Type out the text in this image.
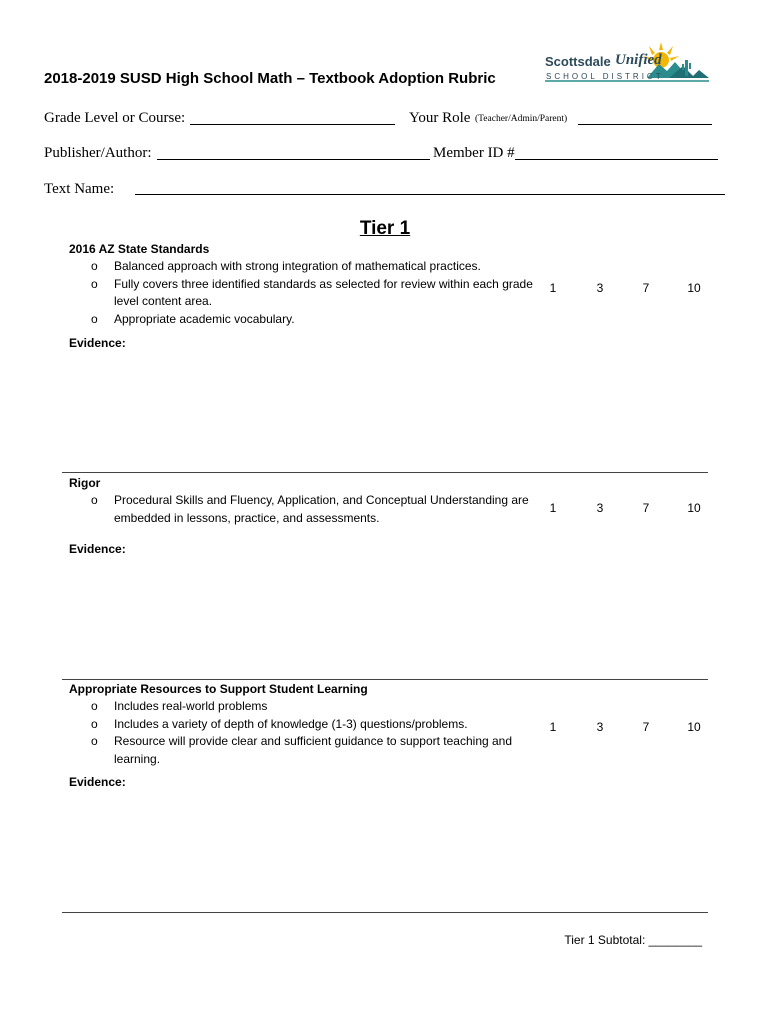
Scottsdale Unified
SCHOOL DISTRICT
2018-2019 SUSD High School Math – Textbook Adoption Rubric
Grade Level or Course:	Your Role (Teacher/Admin/Parent)
Publisher/Author:	Member ID #
Text Name:
Tier 1
2016 AZ State Standards
o Balanced approach with strong integration of mathematical practices.
o Fully covers three identified standards as selected for review within each grade level content area.
o Appropriate academic vocabulary.
1	3	7	10
Evidence:
Rigor
o Procedural Skills and Fluency, Application, and Conceptual Understanding are embedded in lessons, practice, and assessments.
1	3	7	10
Evidence:
Appropriate Resources to Support Student Learning
o Includes real-world problems
o Includes a variety of depth of knowledge (1-3) questions/problems.
o Resource will provide clear and sufficient guidance to support teaching and learning.
1	3	7	10
Evidence:
Tier 1 Subtotal: ________
